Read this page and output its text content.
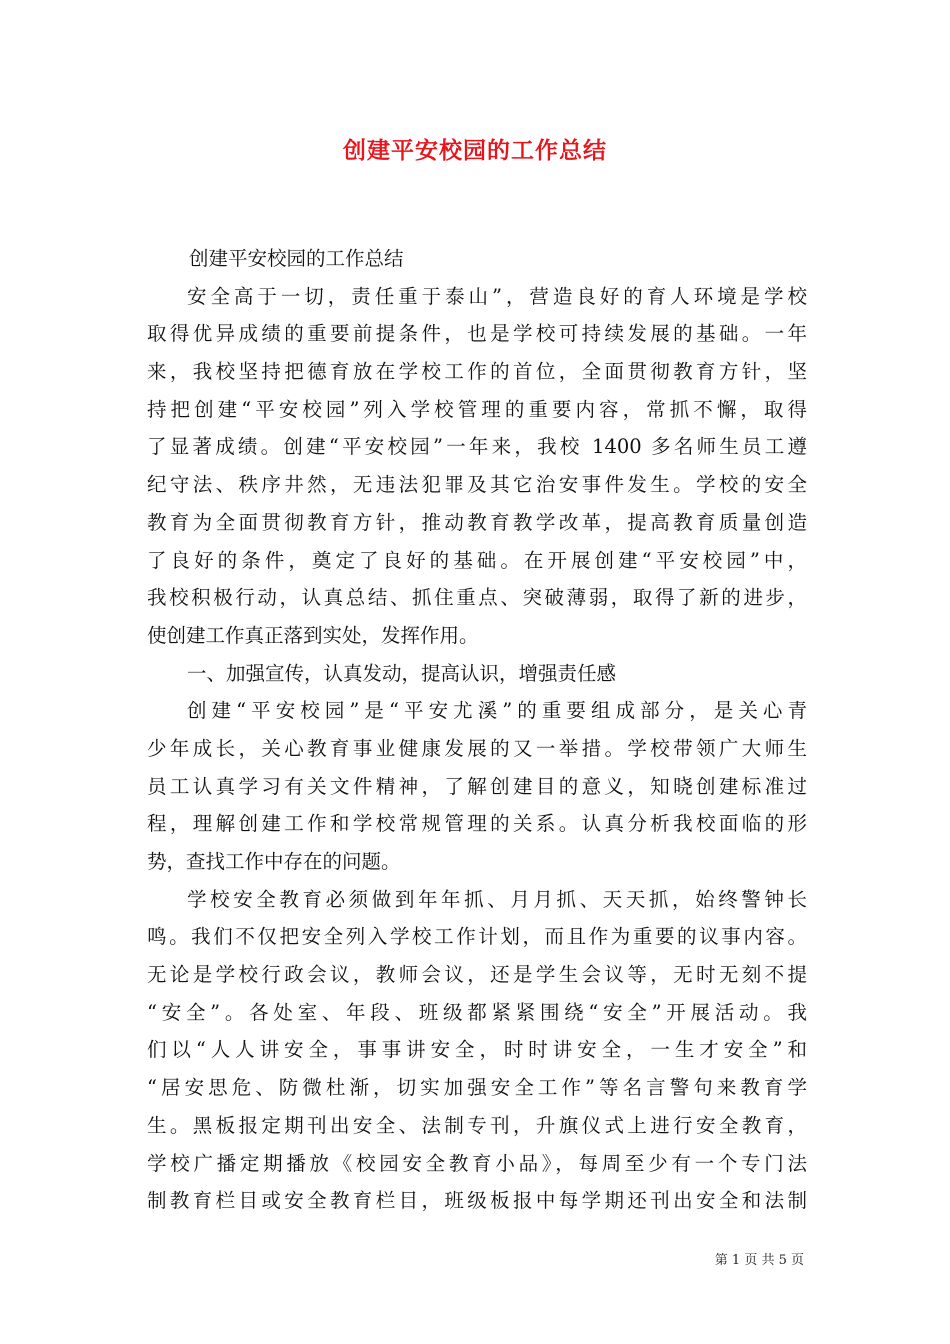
创建平安校园的工作总结
创建平安校园的工作总结
安全高于一切，责任重于泰山”，营造良好的育人环境是学校
取得优异成绩的重要前提条件，也是学校可持续发展的基础。一年
来，我校坚持把德育放在学校工作的首位，全面贯彻教育方针，坚
持把创建“平安校园”列入学校管理的重要内容，常抓不懈，取得
了显著成绩。创建“平安校园”一年来，我校 1400 多名师生员工遵
纪守法、秩序井然，无违法犯罪及其它治安事件发生。学校的安全
教育为全面贯彻教育方针，推动教育教学改革，提高教育质量创造
了良好的条件，奠定了良好的基础。在开展创建“平安校园”中，
我校积极行动，认真总结、抓住重点、突破薄弱，取得了新的进步，
使创建工作真正落到实处，发挥作用。
一、加强宣传，认真发动，提高认识，增强责任感
创建“平安校园”是“平安尤溪”的重要组成部分，是关心青
少年成长，关心教育事业健康发展的又一举措。学校带领广大师生
员工认真学习有关文件精神，了解创建目的意义，知晓创建标准过
程，理解创建工作和学校常规管理的关系。认真分析我校面临的形
势，查找工作中存在的问题。
学校安全教育必须做到年年抓、月月抓、天天抓，始终警钟长
鸣。我们不仅把安全列入学校工作计划，而且作为重要的议事内容。
无论是学校行政会议，教师会议，还是学生会议等，无时无刻不提
“安全”。各处室、年段、班级都紧紧围绕“安全”开展活动。我
们以“人人讲安全，事事讲安全，时时讲安全，一生才安全”和
“居安思危、防微杜渐，切实加强安全工作”等名言警句来教育学
生。黑板报定期刊出安全、法制专刊，升旗仪式上进行安全教育，
学校广播定期播放《校园安全教育小品》，每周至少有一个专门法
制教育栏目或安全教育栏目，班级板报中每学期还刊出安全和法制
第 1 页 共 5 页
